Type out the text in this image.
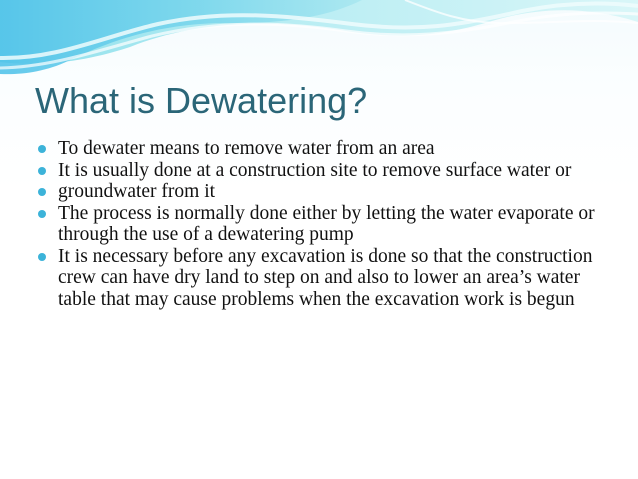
What is Dewatering?
To dewater means to remove water from an area
It is usually done at a construction site to remove surface water or
groundwater from it
The process is normally done either by letting the water evaporate or through the use of a dewatering pump
It is necessary before any excavation is done so that the construction crew can have dry land to step on and also to lower an area’s water table that may cause problems when the excavation work is begun
